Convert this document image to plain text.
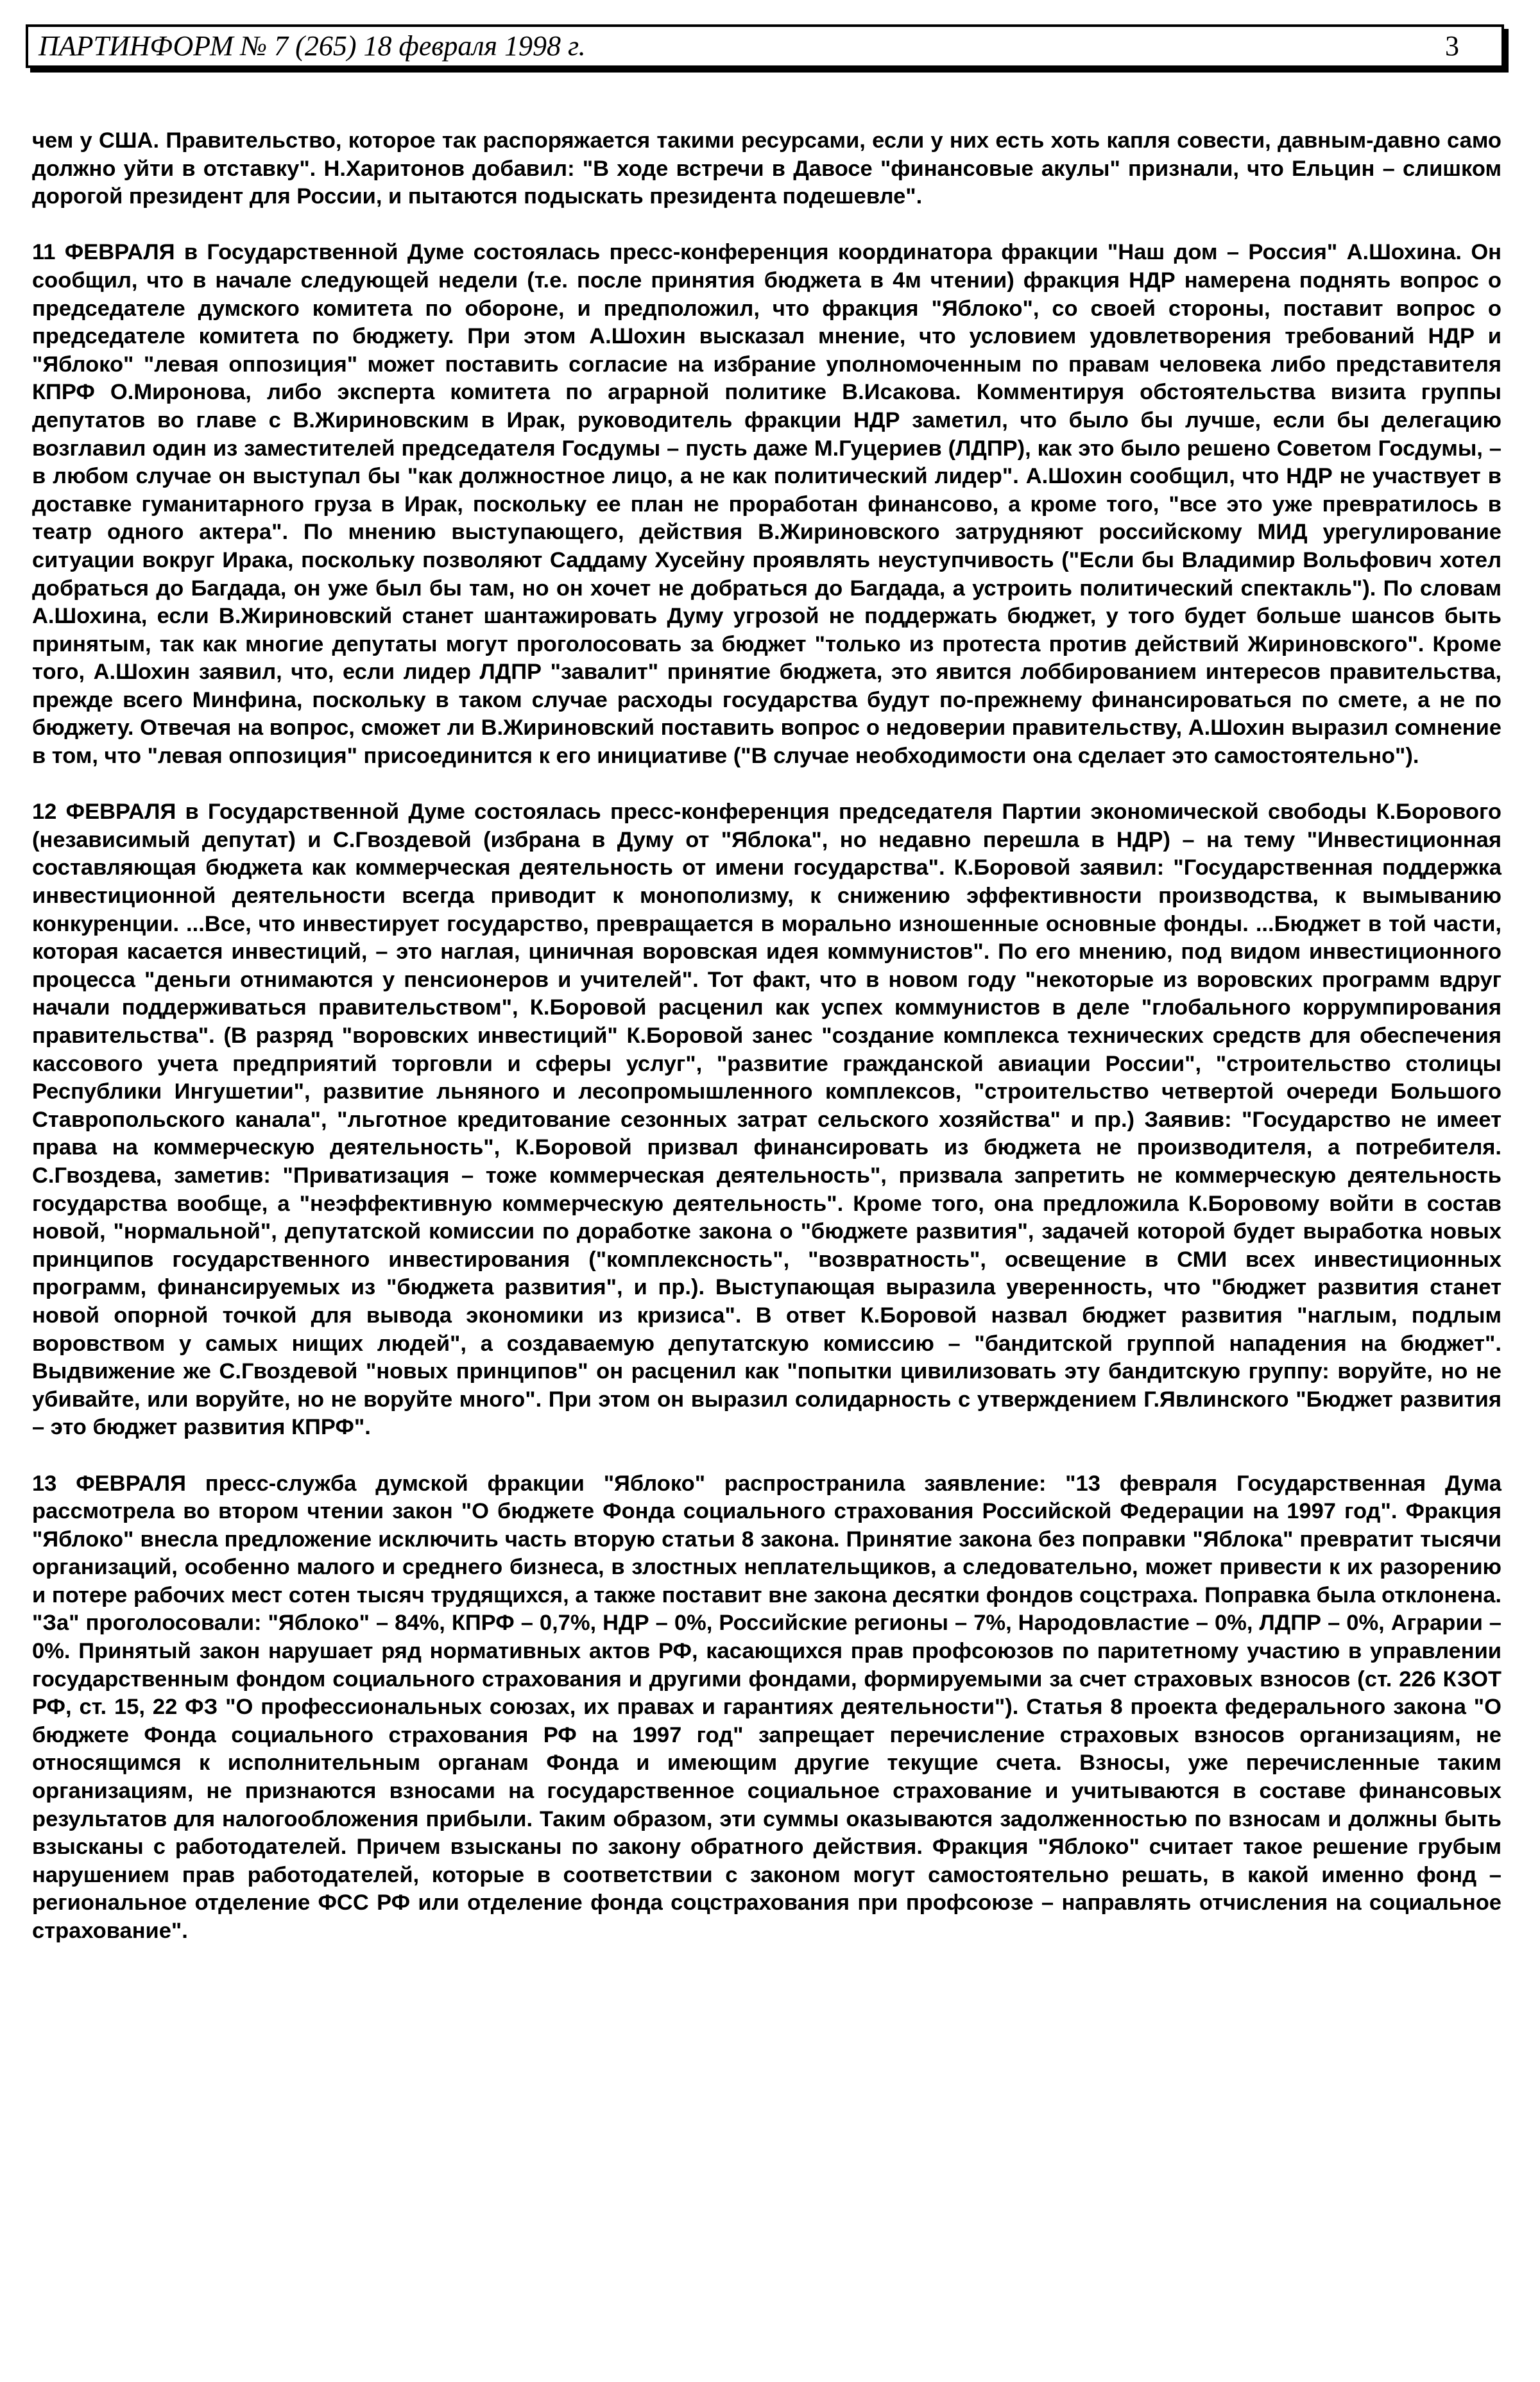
ПАРТИНФОРМ № 7 (265) 18 февраля 1998 г.	3

чем у США. Правительство, которое так распоряжается такими ресурсами, если у них есть хоть капля совести, давным-давно само должно уйти в отставку". Н.Харитонов добавил: "В ходе встречи в Давосе "финансовые акулы" признали, что Ельцин – слишком дорогой президент для России, и пытаются подыскать президента подешевле".

11 ФЕВРАЛЯ в Государственной Думе состоялась пресс-конференция координатора фракции "Наш дом – Россия" А.Шохина. Он сообщил, что в начале следующей недели (т.е. после принятия бюджета в 4м чтении) фракция НДР намерена поднять вопрос о председателе думского комитета по обороне, и предположил, что фракция "Яблоко", со своей стороны, поставит вопрос о председателе комитета по бюджету. При этом А.Шохин высказал мнение, что условием удовлетворения требований НДР и "Яблоко" "левая оппозиция" может поставить согласие на избрание уполномоченным по правам человека либо представителя КПРФ О.Миронова, либо эксперта комитета по аграрной политике В.Исакова. Комментируя обстоятельства визита группы депутатов во главе с В.Жириновским в Ирак, руководитель фракции НДР заметил, что было бы лучше, если бы делегацию возглавил один из заместителей председателя Госдумы – пусть даже М.Гуцериев (ЛДПР), как это было решено Советом Госдумы, – в любом случае он выступал бы "как должностное лицо, а не как политический лидер". А.Шохин сообщил, что НДР не участвует в доставке гуманитарного груза в Ирак, поскольку ее план не проработан финансово, а кроме того, "все это уже превратилось в театр одного актера". По мнению выступающего, действия В.Жириновского затрудняют российскому МИД урегулирование ситуации вокруг Ирака, поскольку позволяют Саддаму Хусейну проявлять неуступчивость ("Если бы Владимир Вольфович хотел добраться до Багдада, он уже был бы там, но он хочет не добраться до Багдада, а устроить политический спектакль"). По словам А.Шохина, если В.Жириновский станет шантажировать Думу угрозой не поддержать бюджет, у того будет больше шансов быть принятым, так как многие депутаты могут проголосовать за бюджет "только из протеста против действий Жириновского". Кроме того, А.Шохин заявил, что, если лидер ЛДПР "завалит" принятие бюджета, это явится лоббированием интересов правительства, прежде всего Минфина, поскольку в таком случае расходы государства будут по-прежнему финансироваться по смете, а не по бюджету. Отвечая на вопрос, сможет ли В.Жириновский поставить вопрос о недоверии правительству, А.Шохин выразил сомнение в том, что "левая оппозиция" присоединится к его инициативе ("В случае необходимости она сделает это самостоятельно").

12 ФЕВРАЛЯ в Государственной Думе состоялась пресс-конференция председателя Партии экономической свободы К.Борового (независимый депутат) и С.Гвоздевой (избрана в Думу от "Яблока", но недавно перешла в НДР) – на тему "Инвестиционная составляющая бюджета как коммерческая деятельность от имени государства". К.Боровой заявил: "Государственная поддержка инвестиционной деятельности всегда приводит к монополизму, к снижению эффективности производства, к вымыванию конкуренции. ...Все, что инвестирует государство, превращается в морально изношенные основные фонды. ...Бюджет в той части, которая касается инвестиций, – это наглая, циничная воровская идея коммунистов". По его мнению, под видом инвестиционного процесса "деньги отнимаются у пенсионеров и учителей". Тот факт, что в новом году "некоторые из воровских программ вдруг начали поддерживаться правительством", К.Боровой расценил как успех коммунистов в деле "глобального коррумпирования правительства". (В разряд "воровских инвестиций" К.Боровой занес "создание комплекса технических средств для обеспечения кассового учета предприятий торговли и сферы услуг", "развитие гражданской авиации России", "строительство столицы Республики Ингушетии", развитие льняного и лесопромышленного комплексов, "строительство четвертой очереди Большого Ставропольского канала", "льготное кредитование сезонных затрат сельского хозяйства" и пр.) Заявив: "Государство не имеет права на коммерческую деятельность", К.Боровой призвал финансировать из бюджета не производителя, а потребителя. С.Гвоздева, заметив: "Приватизация – тоже коммерческая деятельность", призвала запретить не коммерческую деятельность государства вообще, а "неэффективную коммерческую деятельность". Кроме того, она предложила К.Боровому войти в состав новой, "нормальной", депутатской комиссии по доработке закона о "бюджете развития", задачей которой будет выработка новых принципов государственного инвестирования ("комплексность", "возвратность", освещение в СМИ всех инвестиционных программ, финансируемых из "бюджета развития", и пр.). Выступающая выразила уверенность, что "бюджет развития станет новой опорной точкой для вывода экономики из кризиса". В ответ К.Боровой назвал бюджет развития "наглым, подлым воровством у самых нищих людей", а создаваемую депутатскую комиссию – "бандитской группой нападения на бюджет". Выдвижение же С.Гвоздевой "новых принципов" он расценил как "попытки цивилизовать эту бандитскую группу: воруйте, но не убивайте, или воруйте, но не воруйте много". При этом он выразил солидарность с утверждением Г.Явлинского "Бюджет развития – это бюджет развития КПРФ".

13 ФЕВРАЛЯ пресс-служба думской фракции "Яблоко" распространила заявление: "13 февраля Государственная Дума рассмотрела во втором чтении закон "О бюджете Фонда социального страхования Российской Федерации на 1997 год". Фракция "Яблоко" внесла предложение исключить часть вторую статьи 8 закона. Принятие закона без поправки "Яблока" превратит тысячи организаций, особенно малого и среднего бизнеса, в злостных неплательщиков, а следовательно, может привести к их разорению и потере рабочих мест сотен тысяч трудящихся, а также поставит вне закона десятки фондов соцстраха. Поправка была отклонена. "За" проголосовали: "Яблоко" – 84%, КПРФ – 0,7%, НДР – 0%, Российские регионы – 7%, Народовластие – 0%, ЛДПР – 0%, Аграрии – 0%. Принятый закон нарушает ряд нормативных актов РФ, касающихся прав профсоюзов по паритетному участию в управлении государственным фондом социального страхования и другими фондами, формируемыми за счет страховых взносов (ст. 226 КЗОТ РФ, ст. 15, 22 ФЗ "О профессиональных союзах, их правах и гарантиях деятельности"). Статья 8 проекта федерального закона "О бюджете Фонда социального страхования РФ на 1997 год" запрещает перечисление страховых взносов организациям, не относящимся к исполнительным органам Фонда и имеющим другие текущие счета. Взносы, уже перечисленные таким организациям, не признаются взносами на государственное социальное страхование и учитываются в составе финансовых результатов для налогообложения прибыли. Таким образом, эти суммы оказываются задолженностью по взносам и должны быть взысканы с работодателей. Причем взысканы по закону обратного действия. Фракция "Яблоко" считает такое решение грубым нарушением прав работодателей, которые в соответствии с законом могут самостоятельно решать, в какой именно фонд – региональное отделение ФСС РФ или отделение фонда соцстрахования при профсоюзе – направлять отчисления на социальное страхование".
